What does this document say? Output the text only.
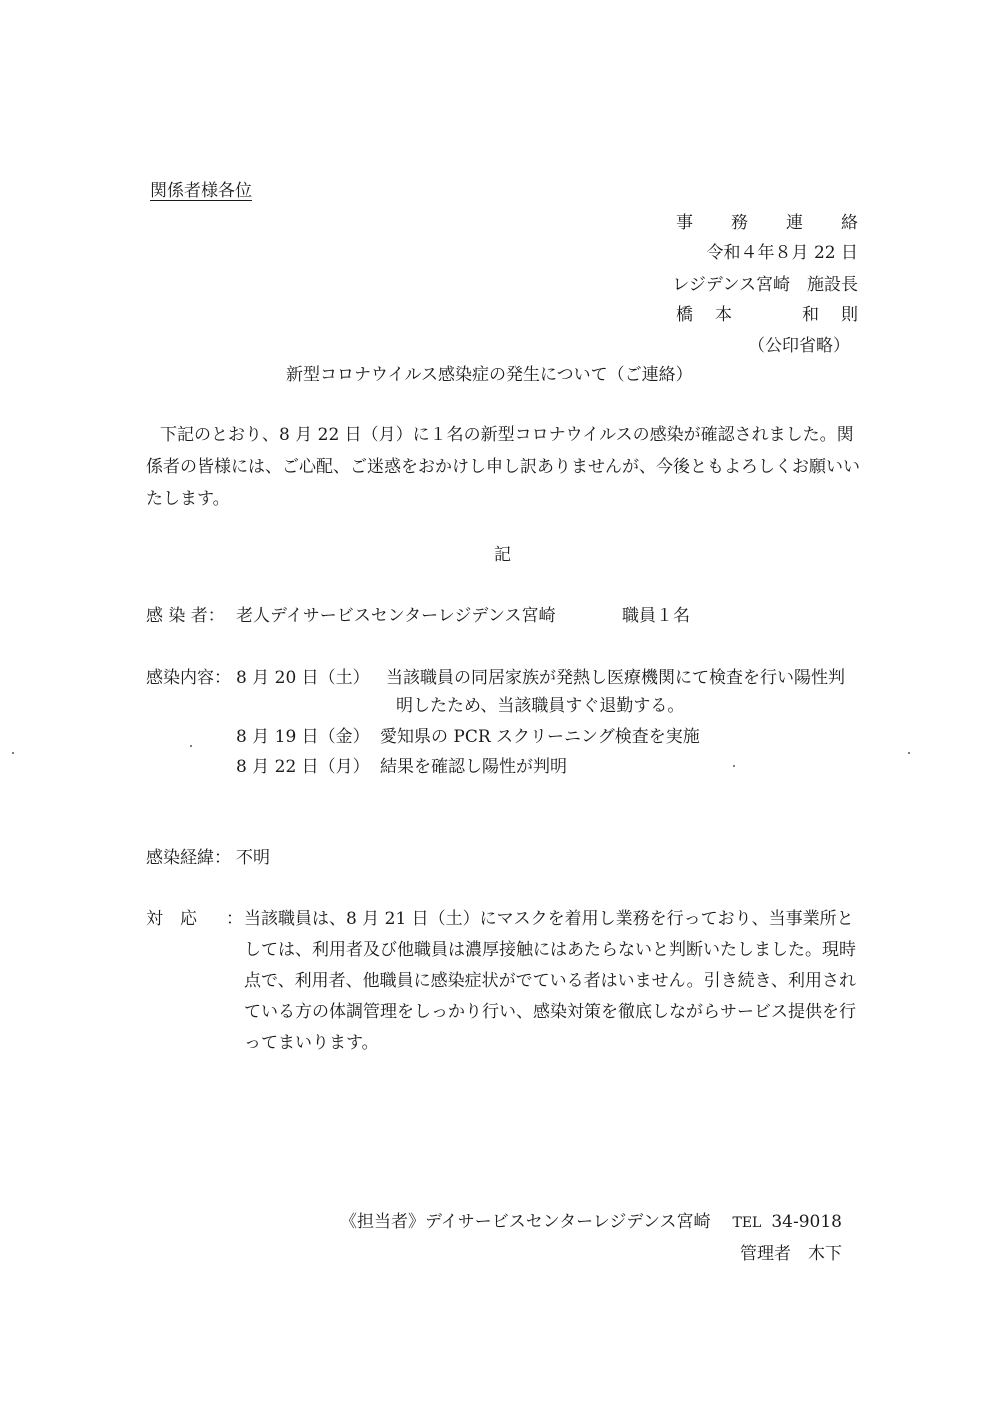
関係者様各位
事 務 連 絡
令和４年８月 22 日
レジデンス宮崎　施設長
橋 本	和 則
（公印省略）
新型コロナウイルス感染症の発生について（ご連絡）
下記のとおり、8 月 22 日（月）に１名の新型コロナウイルスの感染が確認されました。関係者の皆様には、ご心配、ご迷惑をおかけし申し訳ありませんが、今後ともよろしくお願いいたします。
記
感 染 者： 老人デイサービスセンターレジデンス宮崎	職員１名
感染内容： 8 月 20 日（土） 当該職員の同居家族が発熱し医療機関にて検査を行い陽性判
明したため、当該職員すぐ退勤する。
8 月 19 日（金） 愛知県の PCR スクリーニング検査を実施
8 月 22 日（月） 結果を確認し陽性が判明
感染経緯： 不明
対　応 ： 当該職員は、8 月 21 日（土）にマスクを着用し業務を行っており、当事業所としては、利用者及び他職員は濃厚接触にはあたらないと判断いたしました。現時点で、利用者、他職員に感染症状がでている者はいません。引き続き、利用されている方の体調管理をしっかり行い、感染対策を徹底しながらサービス提供を行ってまいります。
《担当者》デイサービスセンターレジデンス宮崎 TEL 34-9018
管理者　木下
